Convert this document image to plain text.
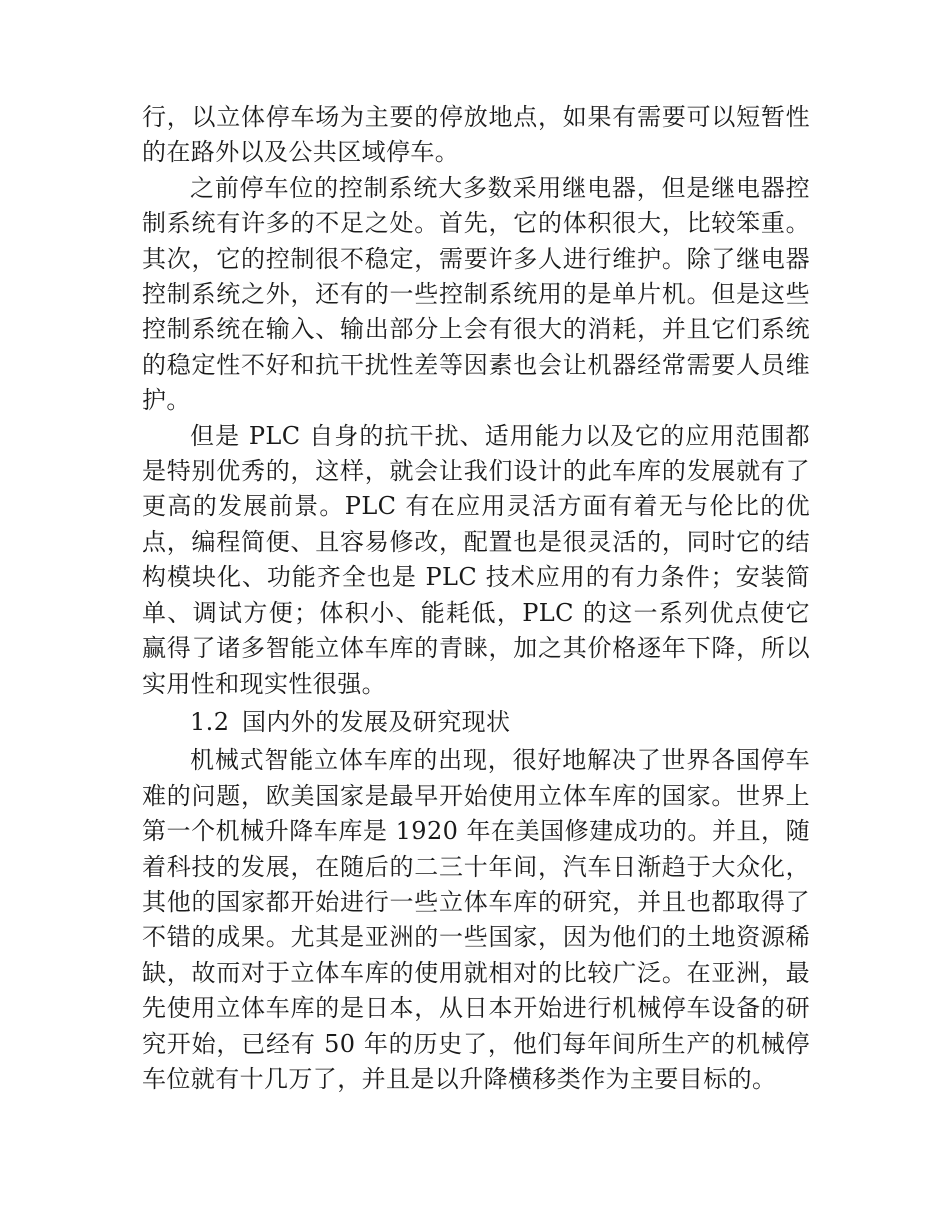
行，以立体停车场为主要的停放地点，如果有需要可以短暂性的在路外以及公共区域停车。

之前停车位的控制系统大多数采用继电器，但是继电器控制系统有许多的不足之处。首先，它的体积很大，比较笨重。其次，它的控制很不稳定，需要许多人进行维护。除了继电器控制系统之外，还有的一些控制系统用的是单片机。但是这些控制系统在输入、输出部分上会有很大的消耗，并且它们系统的稳定性不好和抗干扰性差等因素也会让机器经常需要人员维护。

但是 PLC 自身的抗干扰、适用能力以及它的应用范围都是特别优秀的，这样，就会让我们设计的此车库的发展就有了更高的发展前景。PLC 有在应用灵活方面有着无与伦比的优点，编程简便、且容易修改，配置也是很灵活的，同时它的结构模块化、功能齐全也是 PLC 技术应用的有力条件；安装简单、调试方便；体积小、能耗低，PLC 的这一系列优点使它赢得了诸多智能立体车库的青睐，加之其价格逐年下降，所以实用性和现实性很强。

1.2 国内外的发展及研究现状

机械式智能立体车库的出现，很好地解决了世界各国停车难的问题，欧美国家是最早开始使用立体车库的国家。世界上第一个机械升降车库是 1920 年在美国修建成功的。并且，随着科技的发展，在随后的二三十年间，汽车日渐趋于大众化，其他的国家都开始进行一些立体车库的研究，并且也都取得了不错的成果。尤其是亚洲的一些国家，因为他们的土地资源稀缺，故而对于立体车库的使用就相对的比较广泛。在亚洲，最先使用立体车库的是日本，从日本开始进行机械停车设备的研究开始，已经有 50 年的历史了，他们每年间所生产的机械停车位就有十几万了，并且是以升降横移类作为主要目标的。
